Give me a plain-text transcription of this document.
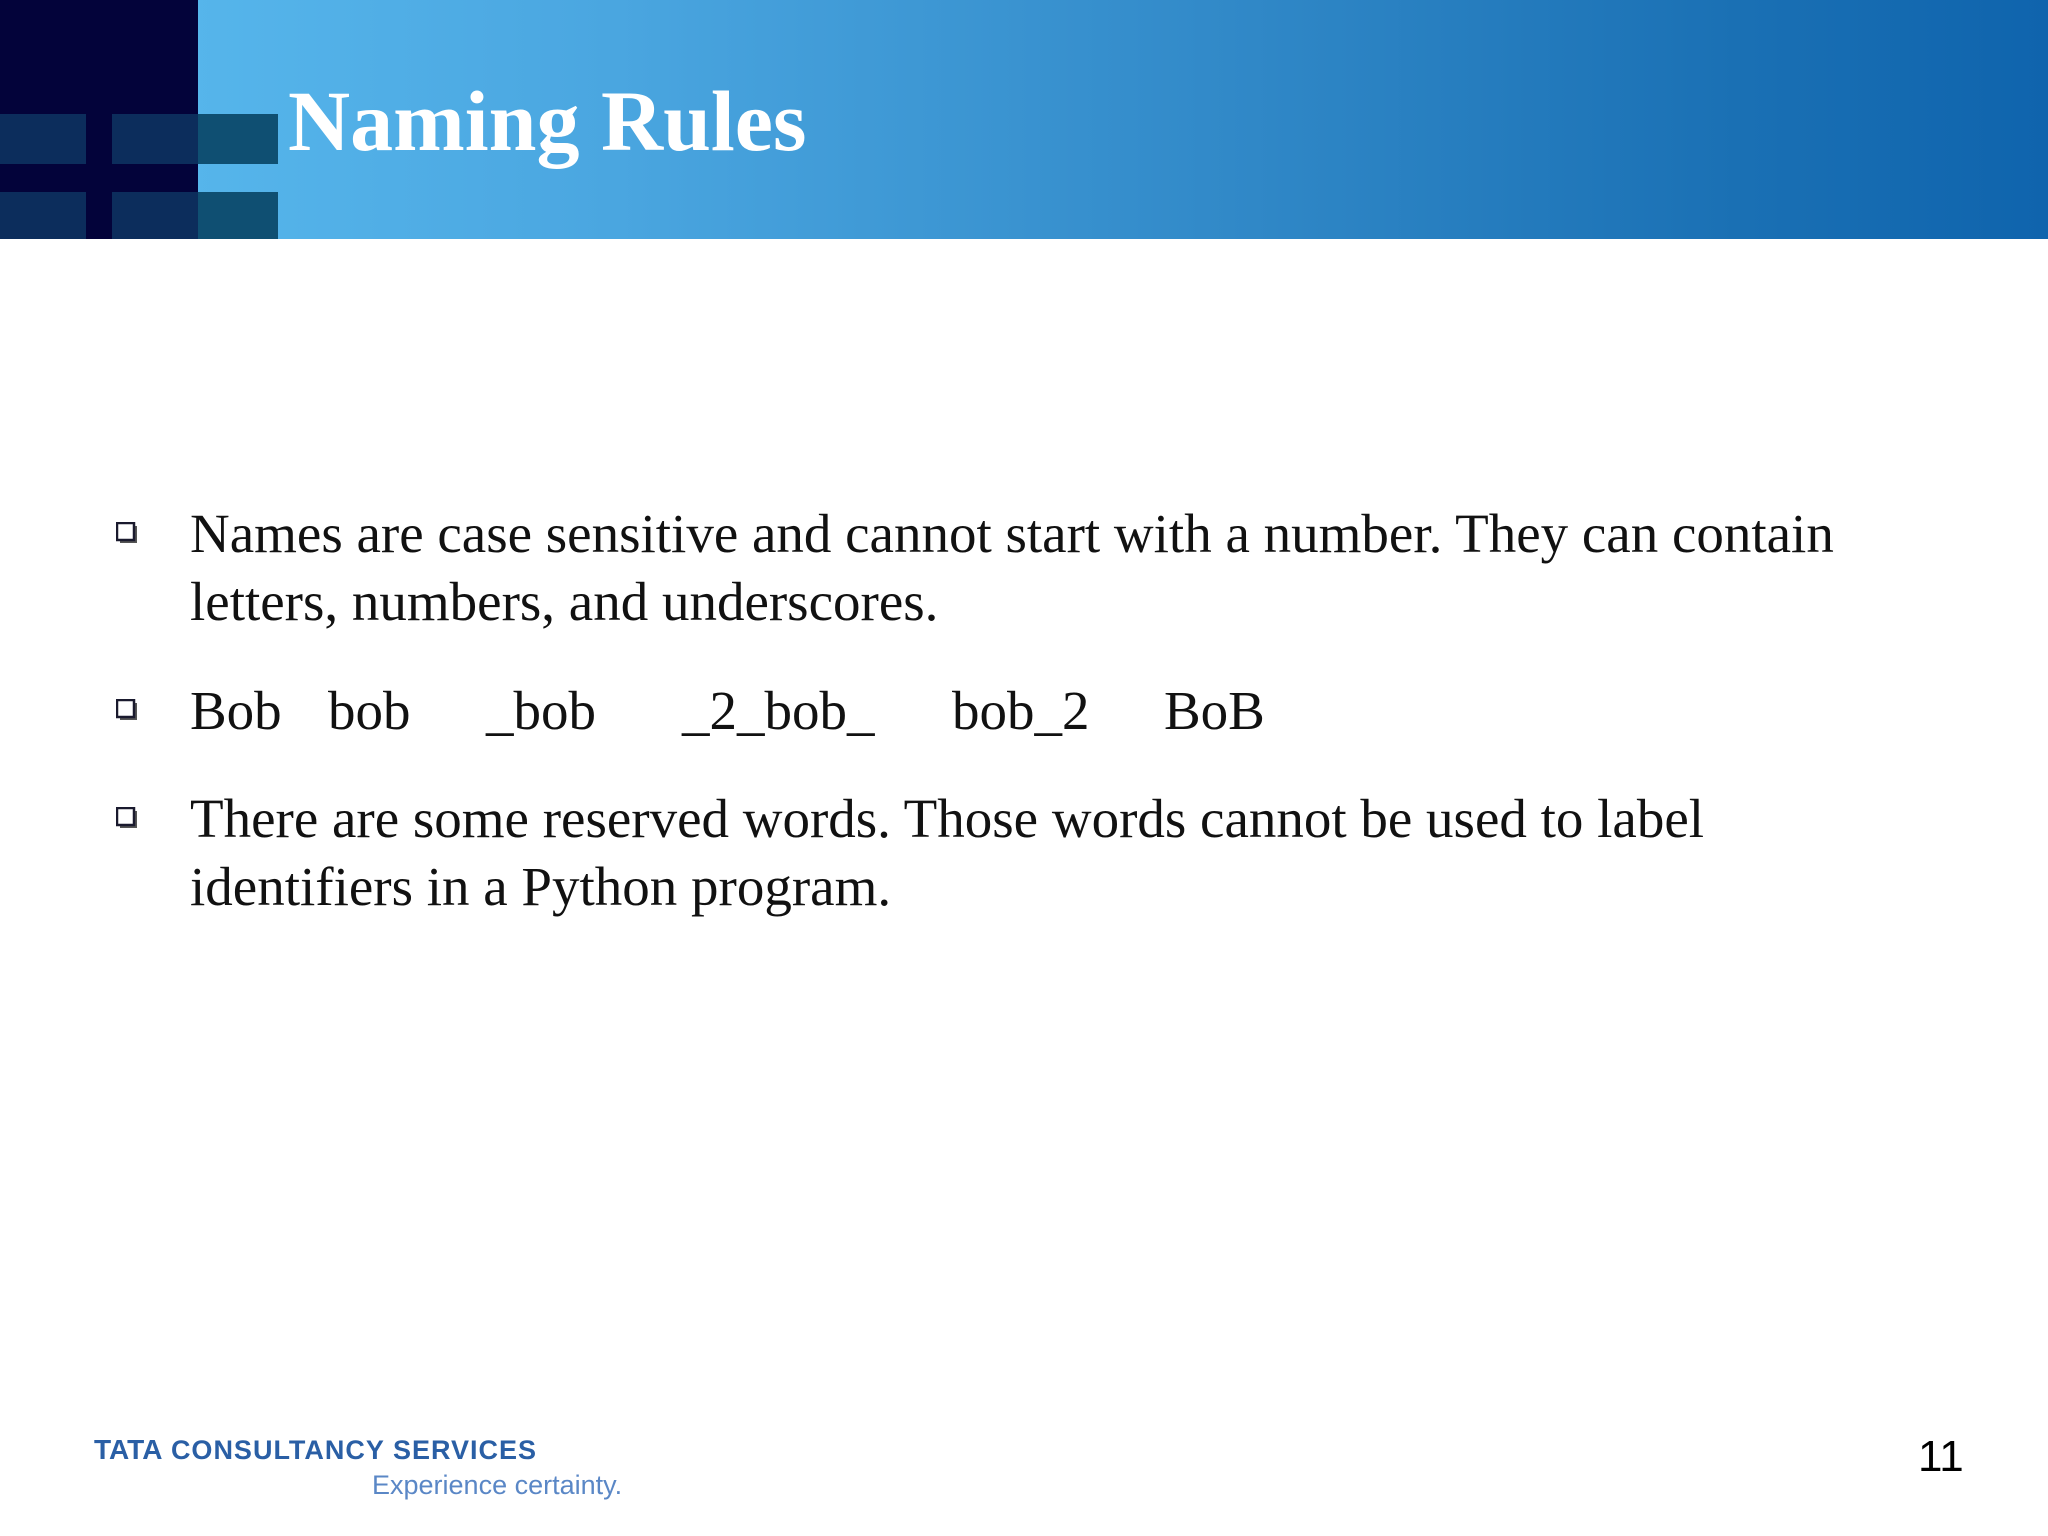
Naming Rules
Names are case sensitive and cannot start with a number. They can contain
letters, numbers, and underscores.
Bob bob _bob _2_bob_ bob_2 BoB
There are some reserved words. Those words cannot be used to label
identifiers in a Python program.
TATA CONSULTANCY SERVICES
Experience certainty.
11
